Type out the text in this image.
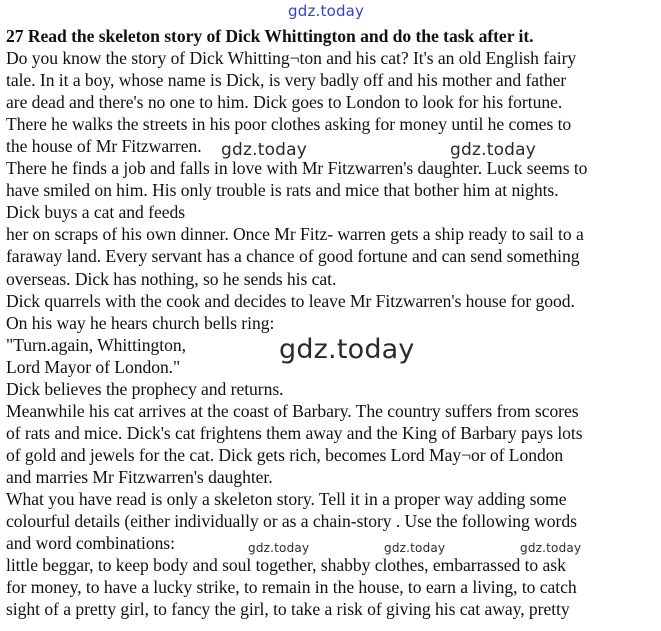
27 Read the skeleton story of Dick Whittington and do the task after it.
Do you know the story of Dick Whitting¬ton and his cat? It's an old English fairy
tale. In it a boy, whose name is Dick, is very badly off and his mother and father
are dead and there's no one to him. Dick goes to London to look for his fortune.
There he walks the streets in his poor clothes asking for money until he comes to
the house of Mr Fitzwarren.
There he finds a job and falls in love with Mr Fitzwarren's daughter. Luck seems to
have smiled on him. His only trouble is rats and mice that bother him at nights.
Dick buys a cat and feeds
her on scraps of his own dinner. Once Mr Fitz- warren gets a ship ready to sail to a
faraway land. Every servant has a chance of good fortune and can send something
overseas. Dick has nothing, so he sends his cat.
Dick quarrels with the cook and decides to leave Mr Fitzwarren's house for good.
On his way he hears church bells ring:
"Turn.again, Whittington,
Lord Mayor of London."
Dick believes the prophecy and returns.
Meanwhile his cat arrives at the coast of Barbary. The country suffers from scores
of rats and mice. Dick's cat frightens them away and the King of Barbary pays lots
of gold and jewels for the cat. Dick gets rich, becomes Lord May¬or of London
and marries Mr Fitzwarren's daughter.
What you have read is only a skeleton story. Tell it in a proper way adding some
colourful details (either individually or as a chain-story . Use the following words
and word combinations:
little beggar, to keep body and soul together, shabby clothes, embarrassed to ask
for money, to have a lucky strike, to remain in the house, to earn a living, to catch
sight of a pretty girl, to fancy the girl, to take a risk of giving his cat away, pretty
gdz.today
gdz.today	gdz.today
gdz.today
gdz.today	gdz.today	gdz.today
